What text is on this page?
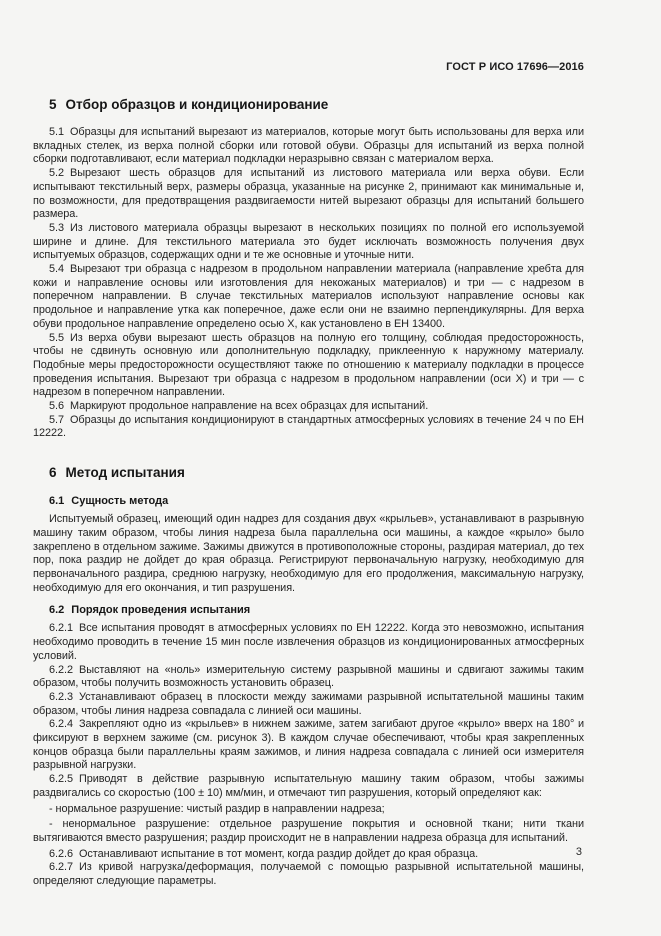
ГОСТ Р ИСО 17696—2016
5 Отбор образцов и кондиционирование

5.1 Образцы для испытаний вырезают из материалов, которые могут быть использованы для верха или вкладных стелек, из верха полной сборки или готовой обуви. Образцы для испытаний из верха полной сборки подготавливают, если материал подкладки неразрывно связан с материалом верха.

5.2 Вырезают шесть образцов для испытаний из листового материала или верха обуви. Если испытывают текстильный верх, размеры образца, указанные на рисунке 2, принимают как минимальные и, по возможности, для предотвращения раздвигаемости нитей вырезают образцы для испытаний большего размера.

5.3 Из листового материала образцы вырезают в нескольких позициях по полной его используемой ширине и длине. Для текстильного материала это будет исключать возможность получения двух испытуемых образцов, содержащих одни и те же основные и уточные нити.

5.4 Вырезают три образца с надрезом в продольном направлении материала (направление хребта для кожи и направление основы или изготовления для некожаных материалов) и три — с надрезом в поперечном направлении. В случае текстильных материалов используют направление основы как продольное и направление утка как поперечное, даже если они не взаимно перпендикулярны. Для верха обуви продольное направление определено осью X, как установлено в ЕН 13400.

5.5 Из верха обуви вырезают шесть образцов на полную его толщину, соблюдая предосторожность, чтобы не сдвинуть основную или дополнительную подкладку, приклеенную к наружному материалу. Подобные меры предосторожности осуществляют также по отношению к материалу подкладки в процессе проведения испытания. Вырезают три образца с надрезом в продольном направлении (оси X) и три — с надрезом в поперечном направлении.

5.6 Маркируют продольное направление на всех образцах для испытаний.

5.7 Образцы до испытания кондиционируют в стандартных атмосферных условиях в течение 24 ч по ЕН 12222.

6 Метод испытания
6.1 Сущность метода

Испытуемый образец, имеющий один надрез для создания двух «крыльев», устанавливают в разрывную машину таким образом, чтобы линия надреза была параллельна оси машины, а каждое «крыло» было закреплено в отдельном зажиме. Зажимы движутся в противоположные стороны, раздирая материал, до тех пор, пока раздир не дойдет до края образца. Регистрируют первоначальную нагрузку, необходимую для первоначального раздира, среднюю нагрузку, необходимую для его продолжения, максимальную нагрузку, необходимую для его окончания, и тип разрушения.

6.2 Порядок проведения испытания

6.2.1 Все испытания проводят в атмосферных условиях по ЕН 12222. Когда это невозможно, испытания необходимо проводить в течение 15 мин после извлечения образцов из кондиционированных атмосферных условий.

6.2.2 Выставляют на «ноль» измерительную систему разрывной машины и сдвигают зажимы таким образом, чтобы получить возможность установить образец.

6.2.3 Устанавливают образец в плоскости между зажимами разрывной испытательной машины таким образом, чтобы линия надреза совпадала с линией оси машины.

6.2.4 Закрепляют одно из «крыльев» в нижнем зажиме, затем загибают другое «крыло» вверх на 180° и фиксируют в верхнем зажиме (см. рисунок 3). В каждом случае обеспечивают, чтобы края закрепленных концов образца были параллельны краям зажимов, и линия надреза совпадала с линией оси измерителя разрывной нагрузки.

6.2.5 Приводят в действие разрывную испытательную машину таким образом, чтобы зажимы раздвигались со скоростью (100 ± 10) мм/мин, и отмечают тип разрушения, который определяют как:

- нормальное разрушение: чистый раздир в направлении надреза;

- ненормальное разрушение: отдельное разрушение покрытия и основной ткани; нити ткани вытягиваются вместо разрушения; раздир происходит не в направлении надреза образца для испытаний.

6.2.6 Останавливают испытание в тот момент, когда раздир дойдет до края образца.

6.2.7 Из кривой нагрузка/деформация, получаемой с помощью разрывной испытательной машины, определяют следующие параметры.

3
